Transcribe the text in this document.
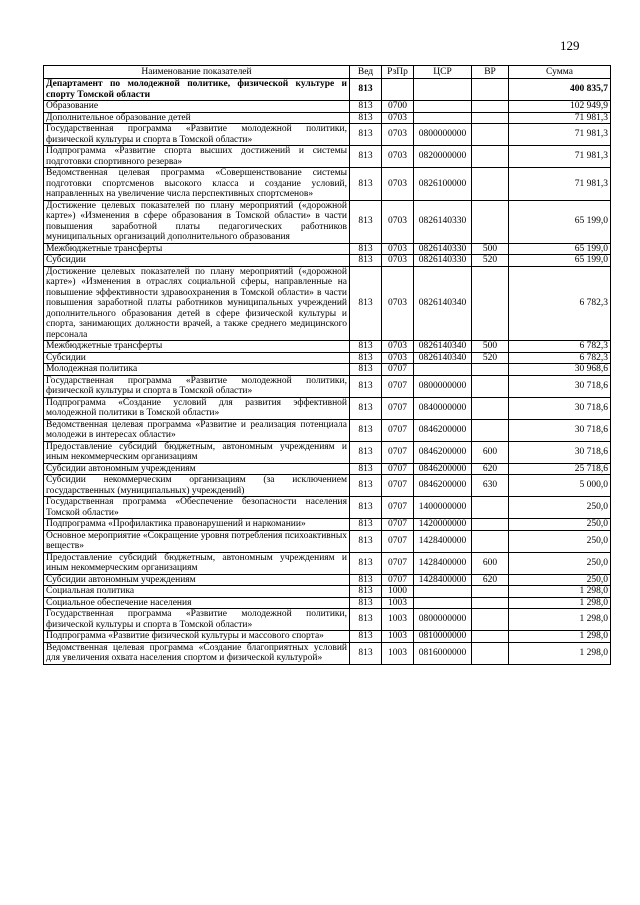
129
Наименование показателей	Вед	РзПр	ЦСР	ВР	Сумма
Департамент по молодежной политике, физической культуре и спорту Томской области	813				400 835,7
Образование	813	0700			102 949,9
Дополнительное образование детей	813	0703			71 981,3
Государственная программа «Развитие молодежной политики, физической культуры и спорта в Томской области»	813	0703	0800000000		71 981,3
Подпрограмма «Развитие спорта высших достижений и системы подготовки спортивного резерва»	813	0703	0820000000		71 981,3
Ведомственная целевая программа «Совершенствование системы подготовки спортсменов высокого класса и создание условий, направленных на увеличение числа перспективных спортсменов»	813	0703	0826100000		71 981,3
Достижение целевых показателей по плану мероприятий («дорожной карте») «Изменения в сфере образования в Томской области» в части повышения заработной платы педагогических работников муниципальных организаций дополнительного образования	813	0703	0826140330		65 199,0
Межбюджетные трансферты	813	0703	0826140330	500	65 199,0
Субсидии	813	0703	0826140330	520	65 199,0
Достижение целевых показателей по плану мероприятий («дорожной карте») «Изменения в отраслях социальной сферы, направленные на повышение эффективности здравоохранения в Томской области» в части повышения заработной платы работников муниципальных учреждений дополнительного образования детей в сфере физической культуры и спорта, занимающих должности врачей, а также среднего медицинского персонала	813	0703	0826140340		6 782,3
Межбюджетные трансферты	813	0703	0826140340	500	6 782,3
Субсидии	813	0703	0826140340	520	6 782,3
Молодежная политика	813	0707			30 968,6
Государственная программа «Развитие молодежной политики, физической культуры и спорта в Томской области»	813	0707	0800000000		30 718,6
Подпрограмма «Создание условий для развития эффективной молодежной политики в Томской области»	813	0707	0840000000		30 718,6
Ведомственная целевая программа «Развитие и реализация потенциала молодежи в интересах области»	813	0707	0846200000		30 718,6
Предоставление субсидий бюджетным, автономным учреждениям и иным некоммерческим организациям	813	0707	0846200000	600	30 718,6
Субсидии автономным учреждениям	813	0707	0846200000	620	25 718,6
Субсидии некоммерческим организациям (за исключением государственных (муниципальных) учреждений)	813	0707	0846200000	630	5 000,0
Государственная программа «Обеспечение безопасности населения Томской области»	813	0707	1400000000		250,0
Подпрограмма «Профилактика правонарушений и наркомании»	813	0707	1420000000		250,0
Основное мероприятие «Сокращение уровня потребления психоактивных веществ»	813	0707	1428400000		250,0
Предоставление субсидий бюджетным, автономным учреждениям и иным некоммерческим организациям	813	0707	1428400000	600	250,0
Субсидии автономным учреждениям	813	0707	1428400000	620	250,0
Социальная политика	813	1000			1 298,0
Социальное обеспечение населения	813	1003			1 298,0
Государственная программа «Развитие молодежной политики, физической культуры и спорта в Томской области»	813	1003	0800000000		1 298,0
Подпрограмма «Развитие физической культуры и массового спорта»	813	1003	0810000000		1 298,0
Ведомственная целевая программа «Создание благоприятных условий для увеличения охвата населения спортом и физической культурой»	813	1003	0816000000		1 298,0
